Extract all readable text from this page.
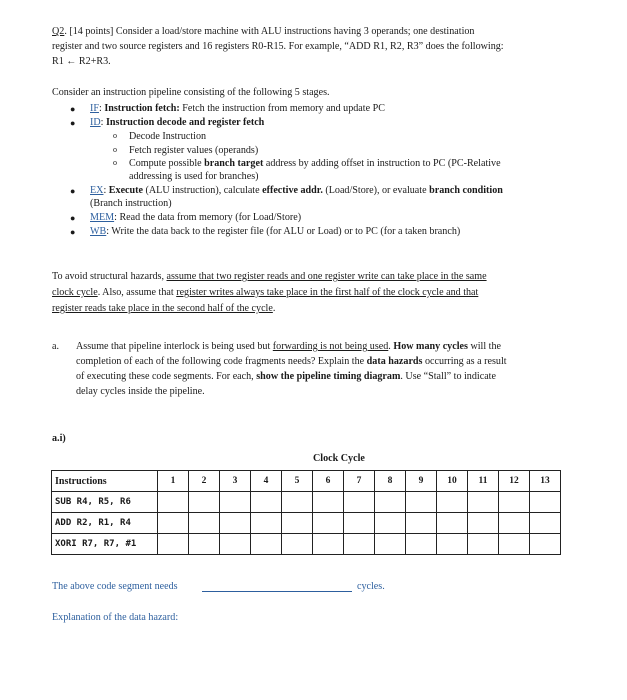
Q2. [14 points] Consider a load/store machine with ALU instructions having 3 operands; one destination
register and two source registers and 16 registers R0-R15. For example, “ADD R1, R2, R3” does the following:
R1 ← R2+R3.
Consider an instruction pipeline consisting of the following 5 stages.
● IF: Instruction fetch: Fetch the instruction from memory and update PC
● ID: Instruction decode and register fetch
o Decode Instruction
o Fetch register values (operands)
o Compute possible branch target address by adding offset in instruction to PC (PC-Relative
addressing is used for branches)
● EX: Execute (ALU instruction), calculate effective addr. (Load/Store), or evaluate branch condition
(Branch instruction)
● MEM: Read the data from memory (for Load/Store)
● WB: Write the data back to the register file (for ALU or Load) or to PC (for a taken branch)
To avoid structural hazards, assume that two register reads and one register write can take place in the same
clock cycle. Also, assume that register writes always take place in the first half of the clock cycle and that
register reads take place in the second half of the cycle.
a. Assume that pipeline interlock is being used but forwarding is not being used. How many cycles will the
completion of each of the following code fragments needs? Explain the data hazards occurring as a result
of executing these code segments. For each, show the pipeline timing diagram. Use “Stall” to indicate
delay cycles inside the pipeline.
a.i)
Clock Cycle
Instructions	1	2	3	4	5	6	7	8	9	10	11	12	13
SUB R4, R5, R6													
ADD R2, R1, R4													
XORI R7, R7, #1													
The above code segment needs	cycles.
Explanation of the data hazard:
